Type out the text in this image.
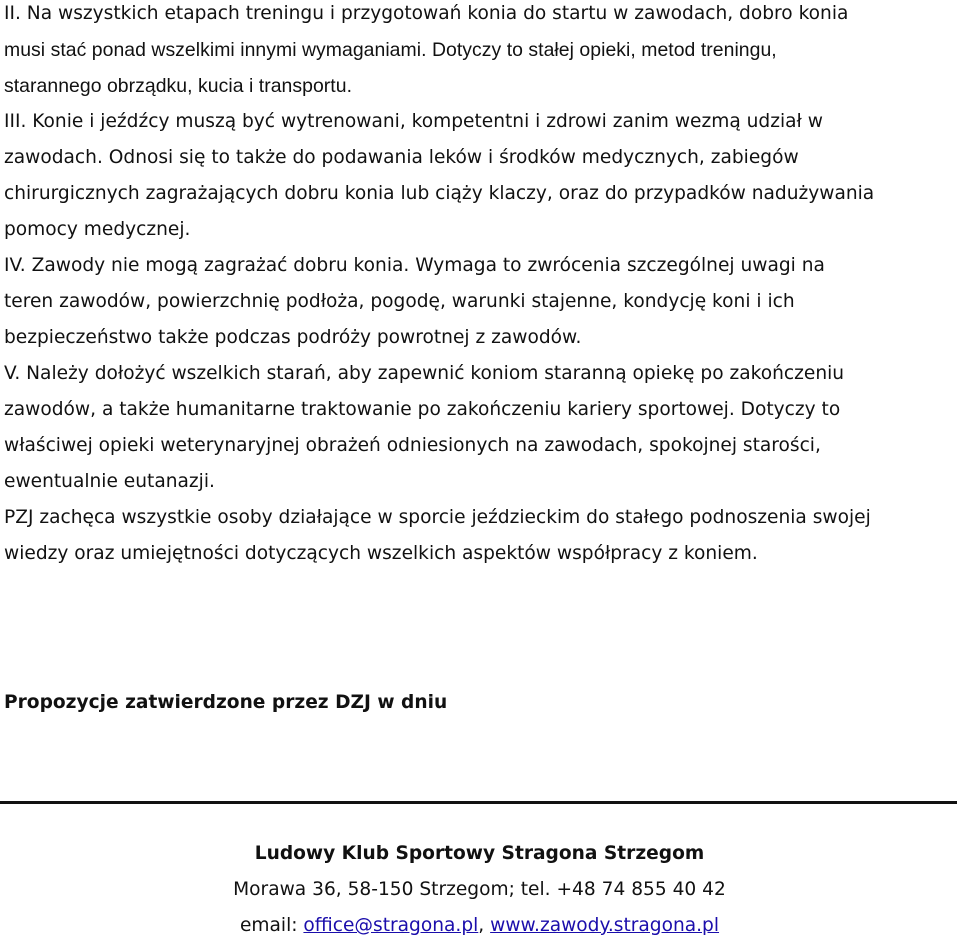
II. Na wszystkich etapach treningu i przygotowań konia do startu w zawodach, dobro konia
musi stać ponad wszelkimi innymi wymaganiami. Dotyczy to stałej opieki, metod treningu,
starannego obrządku, kucia i transportu.

III. Konie i jeźdźcy muszą być wytrenowani, kompetentni i zdrowi zanim wezmą udział w
zawodach. Odnosi się to także do podawania leków i środków medycznych, zabiegów
chirurgicznych zagrażających dobru konia lub ciąży klaczy, oraz do przypadków nadużywania
pomocy medycznej.

IV. Zawody nie mogą zagrażać dobru konia. Wymaga to zwrócenia szczególnej uwagi na
teren zawodów, powierzchnię podłoża, pogodę, warunki stajenne, kondycję koni i ich
bezpieczeństwo także podczas podróży powrotnej z zawodów.

V. Należy dołożyć wszelkich starań, aby zapewnić koniom staranną opiekę po zakończeniu
zawodów, a także humanitarne traktowanie po zakończeniu kariery sportowej. Dotyczy to
właściwej opieki weterynaryjnej obrażeń odniesionych na zawodach, spokojnej starości,
ewentualnie eutanazji.

PZJ zachęca wszystkie osoby działające w sporcie jeździeckim do stałego podnoszenia swojej
wiedzy oraz umiejętności dotyczących wszelkich aspektów współpracy z koniem.

Propozycje zatwierdzone przez DZJ w dniu
Ludowy Klub Sportowy Stragona Strzegom
Morawa 36, 58-150 Strzegom; tel. +48 74 855 40 42
email: office@stragona.pl, www.zawody.stragona.pl
